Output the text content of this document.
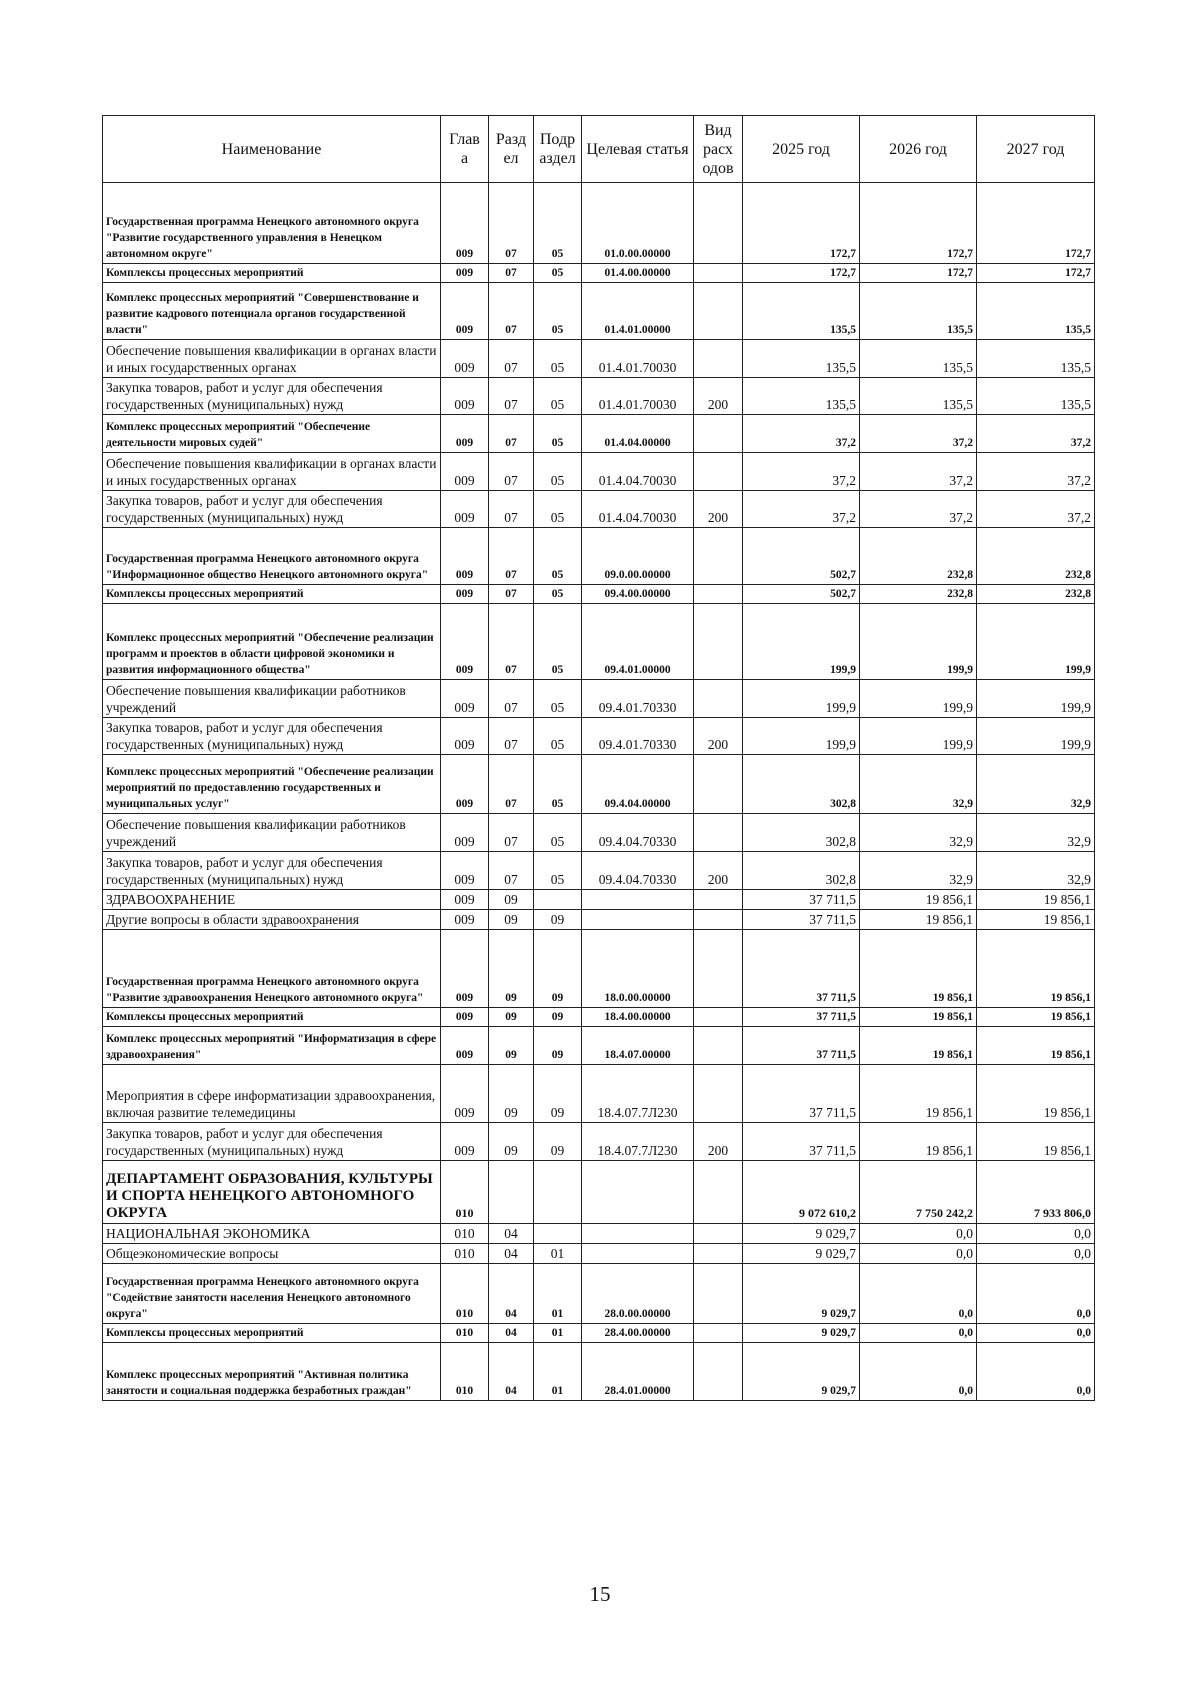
Наименование	Глав а	Разд ел	Подр аздел	Целевая статья	Вид расх одов	2025 год	2026 год	2027 год
Государственная программа Ненецкого автономного округа "Развитие государственного управления в Ненецком автономном округе"	009	07	05	01.0.00.00000		172,7	172,7	172,7
Комплексы процессных мероприятий	009	07	05	01.4.00.00000		172,7	172,7	172,7
Комплекс процессных мероприятий "Совершенствование и развитие кадрового потенциала органов государственной власти"	009	07	05	01.4.01.00000		135,5	135,5	135,5
Обеспечение повышения квалификации в органах власти и иных государственных органах	009	07	05	01.4.01.70030		135,5	135,5	135,5
Закупка товаров, работ и услуг для обеспечения государственных (муниципальных) нужд	009	07	05	01.4.01.70030	200	135,5	135,5	135,5
Комплекс процессных мероприятий "Обеспечение деятельности мировых судей"	009	07	05	01.4.04.00000		37,2	37,2	37,2
Обеспечение повышения квалификации в органах власти и иных государственных органах	009	07	05	01.4.04.70030		37,2	37,2	37,2
Закупка товаров, работ и услуг для обеспечения государственных (муниципальных) нужд	009	07	05	01.4.04.70030	200	37,2	37,2	37,2
Государственная программа Ненецкого автономного округа "Информационное общество Ненецкого автономного округа"	009	07	05	09.0.00.00000		502,7	232,8	232,8
Комплексы процессных мероприятий	009	07	05	09.4.00.00000		502,7	232,8	232,8
Комплекс процессных мероприятий "Обеспечение реализации программ и проектов в области цифровой экономики и развития информационного общества"	009	07	05	09.4.01.00000		199,9	199,9	199,9
Обеспечение повышения квалификации работников учреждений	009	07	05	09.4.01.70330		199,9	199,9	199,9
Закупка товаров, работ и услуг для обеспечения государственных (муниципальных) нужд	009	07	05	09.4.01.70330	200	199,9	199,9	199,9
Комплекс процессных мероприятий "Обеспечение реализации мероприятий по предоставлению государственных и муниципальных услуг"	009	07	05	09.4.04.00000		302,8	32,9	32,9
Обеспечение повышения квалификации работников учреждений	009	07	05	09.4.04.70330		302,8	32,9	32,9
Закупка товаров, работ и услуг для обеспечения государственных (муниципальных) нужд	009	07	05	09.4.04.70330	200	302,8	32,9	32,9
ЗДРАВООХРАНЕНИЕ	009	09				37 711,5	19 856,1	19 856,1
Другие вопросы в области здравоохранения	009	09	09			37 711,5	19 856,1	19 856,1
Государственная программа Ненецкого автономного округа "Развитие здравоохранения Ненецкого автономного округа"	009	09	09	18.0.00.00000		37 711,5	19 856,1	19 856,1
Комплексы процессных мероприятий	009	09	09	18.4.00.00000		37 711,5	19 856,1	19 856,1
Комплекс процессных мероприятий "Информатизация в сфере здравоохранения"	009	09	09	18.4.07.00000		37 711,5	19 856,1	19 856,1
Мероприятия в сфере информатизации здравоохранения, включая развитие телемедицины	009	09	09	18.4.07.7Л230		37 711,5	19 856,1	19 856,1
Закупка товаров, работ и услуг для обеспечения государственных (муниципальных) нужд	009	09	09	18.4.07.7Л230	200	37 711,5	19 856,1	19 856,1
ДЕПАРТАМЕНТ ОБРАЗОВАНИЯ, КУЛЬТУРЫ И СПОРТА НЕНЕЦКОГО АВТОНОМНОГО ОКРУГА	010					9 072 610,2	7 750 242,2	7 933 806,0
НАЦИОНАЛЬНАЯ ЭКОНОМИКА	010	04				9 029,7	0,0	0,0
Общеэкономические вопросы	010	04	01			9 029,7	0,0	0,0
Государственная программа Ненецкого автономного округа "Содействие занятости населения Ненецкого автономного округа"	010	04	01	28.0.00.00000		9 029,7	0,0	0,0
Комплексы процессных мероприятий	010	04	01	28.4.00.00000		9 029,7	0,0	0,0
Комплекс процессных мероприятий "Активная политика занятости и социальная поддержка безработных граждан"	010	04	01	28.4.01.00000		9 029,7	0,0	0,0
15
